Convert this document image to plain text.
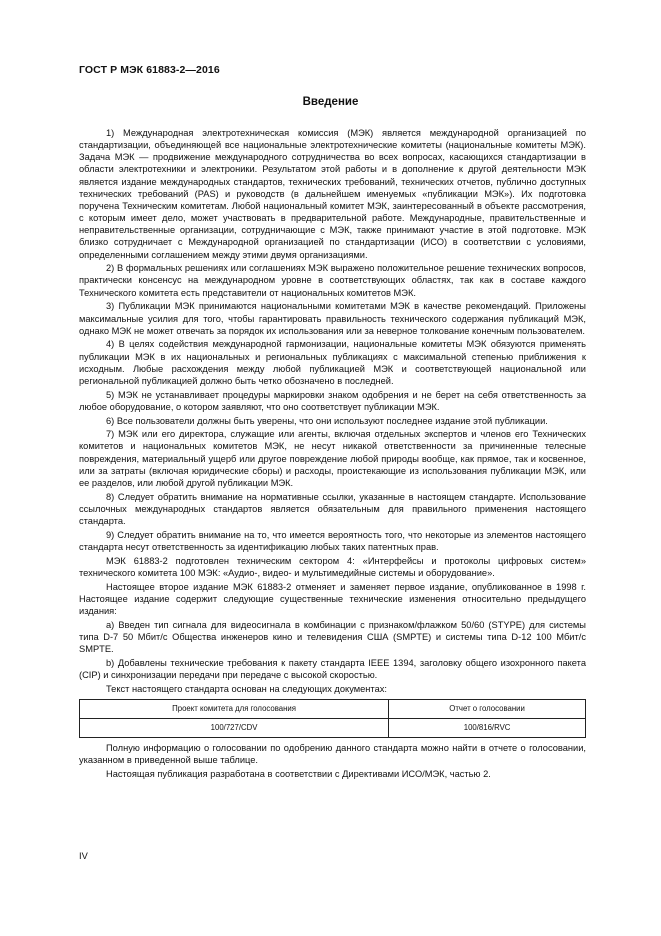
ГОСТ Р МЭК 61883-2—2016
Введение

1) Международная электротехническая комиссия (МЭК) является международной организацией по стандартизации, объединяющей все национальные электротехнические комитеты (национальные комитеты МЭК). Задача МЭК — продвижение международного сотрудничества во всех вопросах, касающихся стандартизации в области электротехники и электроники. Результатом этой работы и в дополнение к другой деятельности МЭК является издание международных стандартов, технических требований, технических отчетов, публично доступных технических требований (PAS) и руководств (в дальнейшем именуемых «публикации МЭК»). Их подготовка поручена Техническим комитетам. Любой национальный комитет МЭК, заинтересованный в объекте рассмотрения, с которым имеет дело, может участвовать в предварительной работе. Международные, правительственные и неправительственные организации, сотрудничающие с МЭК, также принимают участие в этой подготовке. МЭК близко сотрудничает с Международной организацией по стандартизации (ИСО) в соответствии с условиями, определенными соглашением между этими двумя организациями.

2) В формальных решениях или соглашениях МЭК выражено положительное решение технических вопросов, практически консенсус на международном уровне в соответствующих областях, так как в составе каждого Технического комитета есть представители от национальных комитетов МЭК.

3) Публикации МЭК принимаются национальными комитетами МЭК в качестве рекомендаций. Приложены максимальные усилия для того, чтобы гарантировать правильность технического содержания публикаций МЭК, однако МЭК не может отвечать за порядок их использования или за неверное толкование конечным пользователем.

4) В целях содействия международной гармонизации, национальные комитеты МЭК обязуются применять публикации МЭК в их национальных и региональных публикациях с максимальной степенью приближения к исходным. Любые расхождения между любой публикацией МЭК и соответствующей национальной или региональной публикацией должно быть четко обозначено в последней.

5) МЭК не устанавливает процедуры маркировки знаком одобрения и не берет на себя ответственность за любое оборудование, о котором заявляют, что оно соответствует публикации МЭК.

6) Все пользователи должны быть уверены, что они используют последнее издание этой публикации.

7) МЭК или его директора, служащие или агенты, включая отдельных экспертов и членов его Технических комитетов и национальных комитетов МЭК, не несут никакой ответственности за причиненные телесные повреждения, материальный ущерб или другое повреждение любой природы вообще, как прямое, так и косвенное, или за затраты (включая юридические сборы) и расходы, проистекающие из использования публикации МЭК, или ее разделов, или любой другой публикации МЭК.

8) Следует обратить внимание на нормативные ссылки, указанные в настоящем стандарте. Использование ссылочных международных стандартов является обязательным для правильного применения настоящего стандарта.

9) Следует обратить внимание на то, что имеется вероятность того, что некоторые из элементов настоящего стандарта несут ответственность за идентификацию любых таких патентных прав.

МЭК 61883-2 подготовлен техническим сектором 4: «Интерфейсы и протоколы цифровых систем» технического комитета 100 МЭК: «Аудио-, видео- и мультимедийные системы и оборудование».

Настоящее второе издание МЭК 61883-2 отменяет и заменяет первое издание, опубликованное в 1998 г. Настоящее издание содержит следующие существенные технические изменения относительно предыдущего издания:

a) Введен тип сигнала для видеосигнала в комбинации с признаком/флажком 50/60 (STYPE) для системы типа D-7 50 Мбит/с Общества инженеров кино и телевидения США (SMPTE) и системы типа D-12 100 Мбит/с SMPTE.

b) Добавлены технические требования к пакету стандарта IEEE 1394, заголовку общего изохронного пакета (CIP) и синхронизации передачи при передаче с высокой скоростью.

Текст настоящего стандарта основан на следующих документах:

Проект комитета для голосования	Отчет о голосовании
100/727/CDV	100/816/RVC

Полную информацию о голосовании по одобрению данного стандарта можно найти в отчете о голосовании, указанном в приведенной выше таблице.

Настоящая публикация разработана в соответствии с Директивами ИСО/МЭК, частью 2.

IV
